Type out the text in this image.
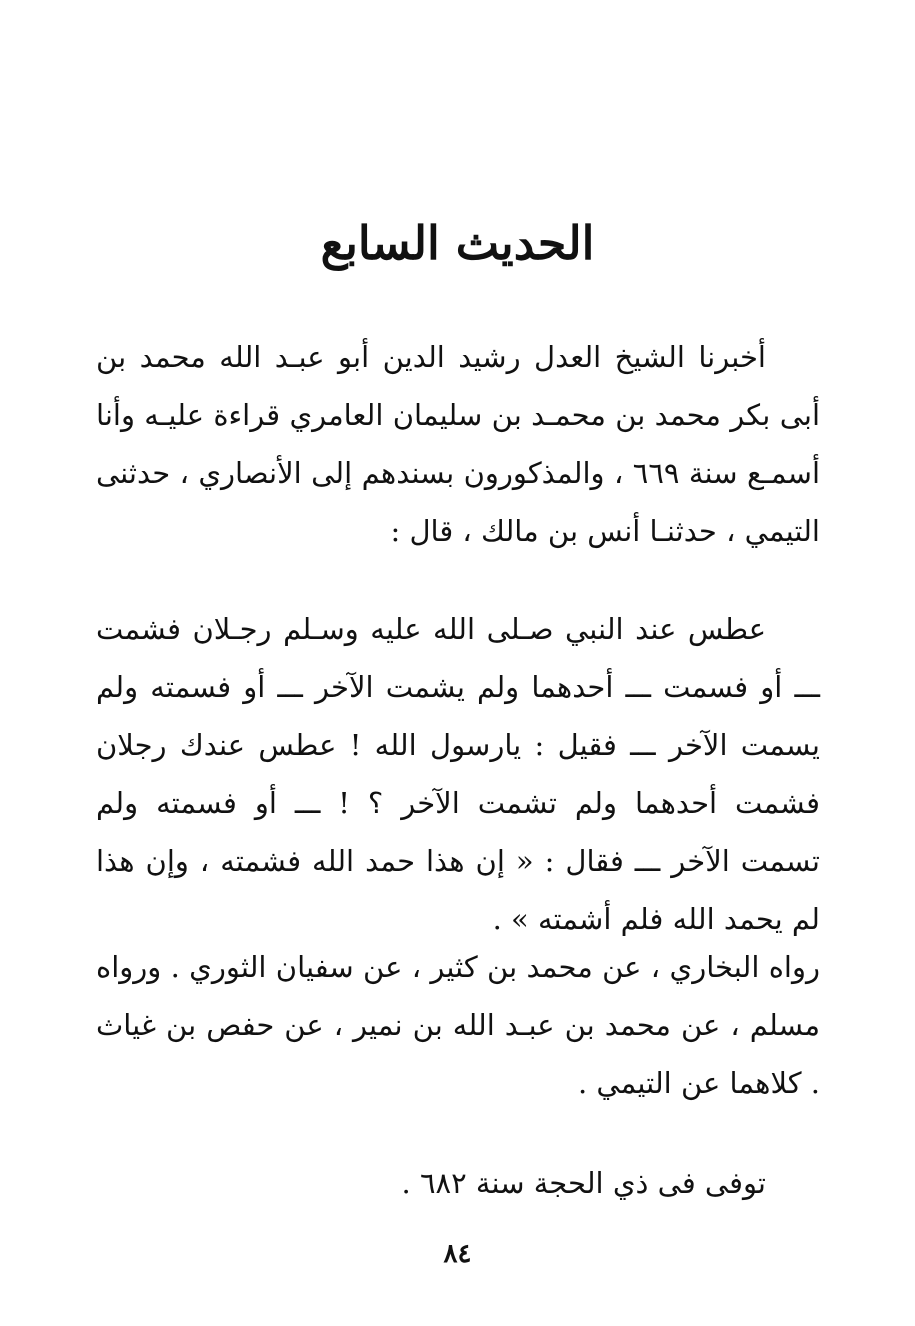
الحديث السابع

أخبرنا الشيخ العدل رشيد الدين أبو عبـد الله محمد بن أبى بكر محمد بن محمـد بن سليمان العامري قراءة عليـه وأنا أسمـع سنة ٦٦٩ ، والمذكورون بسندهم إلى الأنصاري ، حدثنى التيمي ، حدثنـا أنس بن مالك ، قال :

عطس عند النبي صـلى الله عليه وسـلم رجـلان فشمت ـــ أو فسمت ـــ أحدهما ولم يشمت الآخر ـــ أو فسمته ولم يسمت الآخر ـــ فقيل : يارسول الله ! عطس عندك رجلان فشمت أحدهما ولم تشمت الآخر ؟ ! ـــ أو فسمته ولم تسمت الآخر ـــ فقال : « إن هذا حمد الله فشمته ، وإن هذا لم يحمد الله فلم أشمته » .

رواه البخاري ، عن محمد بن كثير ، عن سفيان الثوري . ورواه مسلم ، عن محمد بن عبـد الله بن نمير ، عن حفص بن غياث . كلاهما عن التيمي .

توفى فى ذي الحجة سنة ٦٨٢ .

٨٤
